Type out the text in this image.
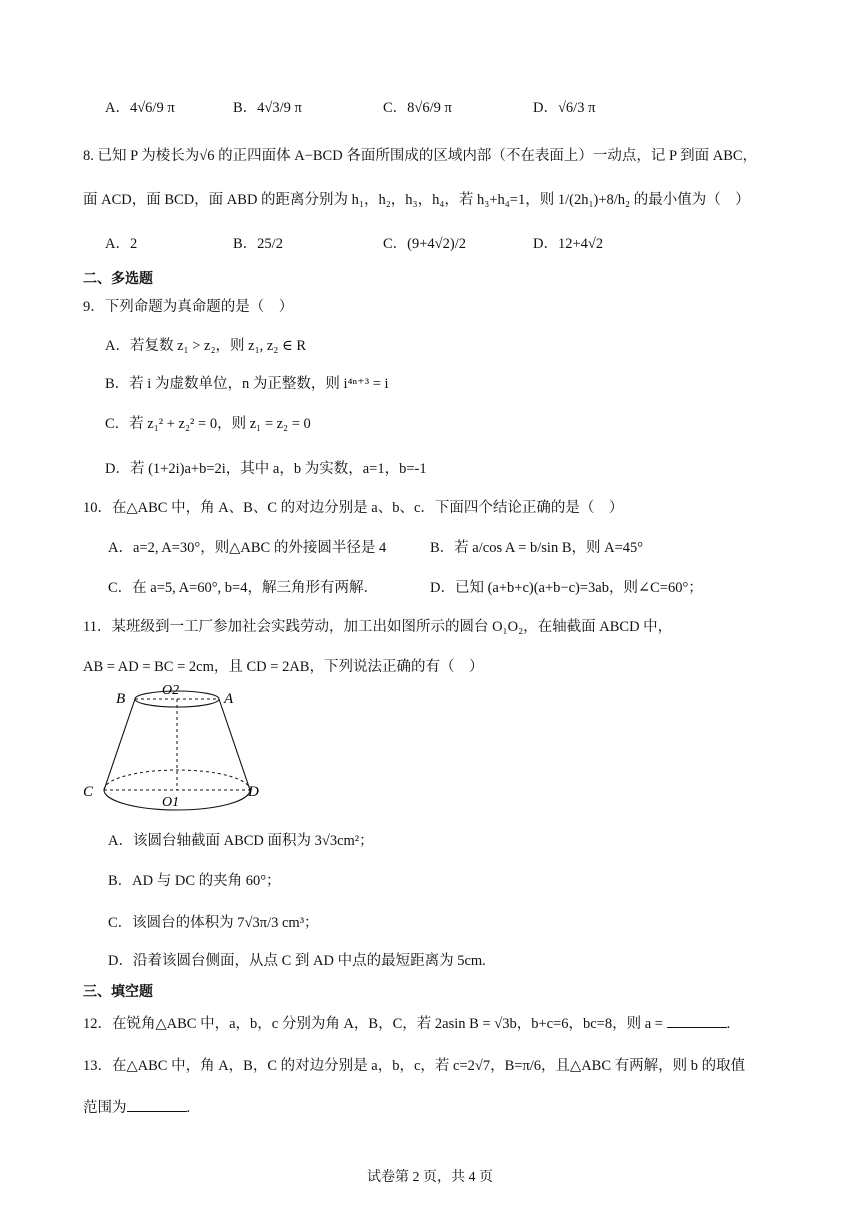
A．4√6/9 π	B．4√3/9 π	C．8√6/9 π	D．√6/3 π
8. 已知 P 为棱长为√6 的正四面体 A−BCD 各面所围成的区域内部（不在表面上）一动点，记 P 到面 ABC，
面 ACD，面 BCD，面 ABD 的距离分别为 h₁，h₂，h₃，h₄，若 h₃+h₄=1，则 1/(2h₁)+8/h₂ 的最小值为（　）
A．2	B．25/2	C．(9+4√2)/2	D．12+4√2
二、多选题
9．下列命题为真命题的是（　）
A．若复数 z₁ > z₂，则 z₁, z₂ ∈ R
B．若 i 为虚数单位，n 为正整数，则 i⁴ⁿ⁺³ = i
C．若 z₁² + z₂² = 0，则 z₁ = z₂ = 0
D．若 (1+2i)a+b=2i，其中 a，b 为实数，a=1，b=-1
10．在△ABC 中，角 A、B、C 的对边分别是 a、b、c．下面四个结论正确的是（　）
A．a=2, A=30°，则△ABC 的外接圆半径是 4	B．若 a/cos A = b/sin B，则 A=45°
C．在 a=5, A=60°, b=4，解三角形有两解．	D．已知 (a+b+c)(a+b−c)=3ab，则∠C=60°；
11．某班级到一工厂参加社会实践劳动，加工出如图所示的圆台 O₁O₂，在轴截面 ABCD 中，
AB = AD = BC = 2cm，且 CD = 2AB，下列说法正确的有（　）
B	A
O2
C	D
O1
A．该圆台轴截面 ABCD 面积为 3√3cm²；
B．AD 与 DC 的夹角 60°；
C．该圆台的体积为 7√3π/3 cm³；
D．沿着该圆台侧面，从点 C 到 AD 中点的最短距离为 5cm.
三、填空题
12．在锐角△ABC 中，a，b，c 分别为角 A，B，C，若 2asin B = √3b，b+c=6，bc=8，则 a =	.
13．在△ABC 中，角 A，B，C 的对边分别是 a，b，c，若 c=2√7，B=π/6，且△ABC 有两解，则 b 的取值
范围为	.
试卷第 2 页，共 4 页
